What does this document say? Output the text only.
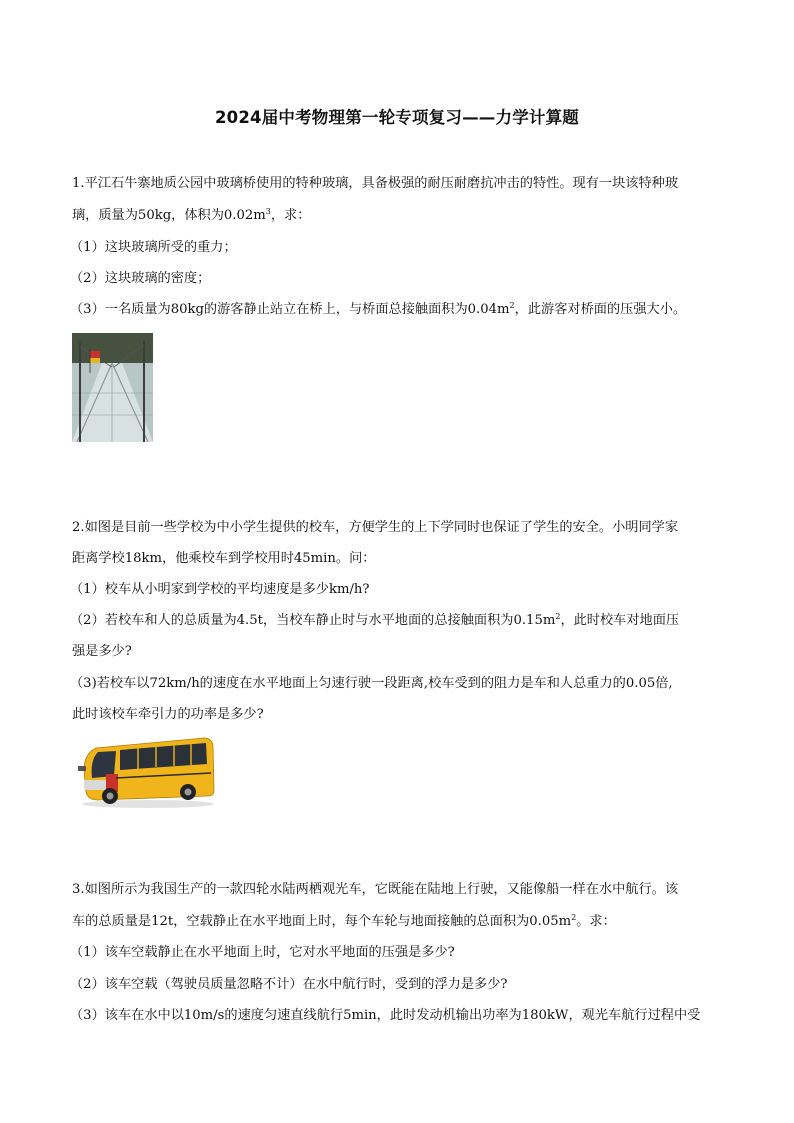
2024届中考物理第一轮专项复习——力学计算题
1.平江石牛寨地质公园中玻璃桥使用的特种玻璃，具备极强的耐压耐磨抗冲击的特性。现有一块该特种玻
璃，质量为50kg，体积为$0.02m^3$，求：
（1）这块玻璃所受的重力；
（2）这块玻璃的密度；
（3）一名质量为80kg的游客静止站立在桥上，与桥面总接触面积为$0.04m^2$，此游客对桥面的压强大小。
2.如图是目前一些学校为中小学生提供的校车，方便学生的上下学同时也保证了学生的安全。小明同学家
距离学校18km，他乘校车到学校用时45min。问：
（1）校车从小明家到学校的平均速度是多少km/h?
（2）若校车和人的总质量为4.5t，当校车静止时与水平地面的总接触面积为$0.15m^2$，此时校车对地面压
强是多少?
（3)若校车以72km/h的速度在水平地面上匀速行驶一段距离,校车受到的阻力是车和人总重力的0.05倍,
此时该校车牵引力的功率是多少?
3.如图所示为我国生产的一款四轮水陆两栖观光车，它既能在陆地上行驶，又能像船一样在水中航行。该
车的总质量是12t，空载静止在水平地面上时，每个车轮与地面接触的总面积为$0.05m^2$。求：
（1）该车空载静止在水平地面上时，它对水平地面的压强是多少?
（2）该车空载（驾驶员质量忽略不计）在水中航行时，受到的浮力是多少?
（3）该车在水中以10m/s的速度匀速直线航行5min，此时发动机输出功率为180kW，观光车航行过程中受
